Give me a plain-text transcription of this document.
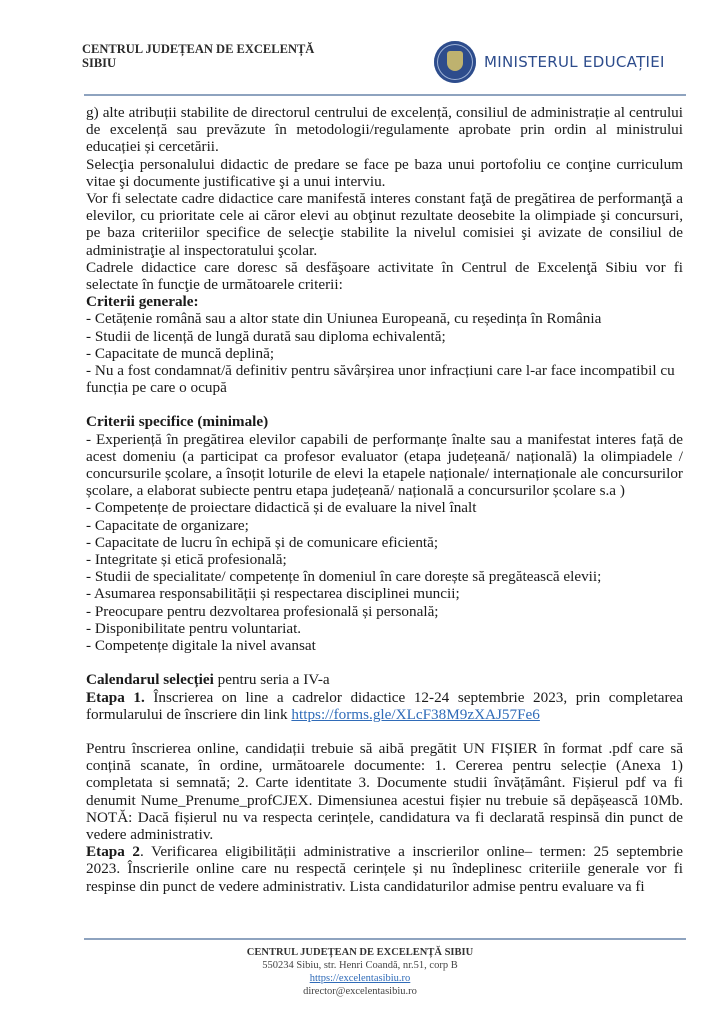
CENTRUL JUDEȚEAN DE EXCELENȚĂ
SIBIU	MINISTERUL EDUCAȚIEI

g) alte atribuții stabilite de directorul centrului de excelență, consiliul de administrație al centrului de excelență sau prevăzute în metodologii/regulamente aprobate prin ordin al ministrului educației și cercetării.

Selecţia personalului didactic de predare se face pe baza unui portofoliu ce conţine curriculum vitae şi documente justificative şi a unui interviu.

Vor fi selectate cadre didactice care manifestă interes constant faţă de pregătirea de performanţă a elevilor, cu prioritate cele ai căror elevi au obţinut rezultate deosebite la olimpiade şi concursuri, pe baza criteriilor specifice de selecţie stabilite la nivelul comisiei şi avizate de consiliul de administraţie al inspectoratului şcolar.

Cadrele didactice care doresc să desfăşoare activitate în Centrul de Excelenţă Sibiu vor fi selectate în funcţie de următoarele criterii:

Criterii generale:

- Cetățenie română sau a altor state din Uniunea Europeană, cu reședința în România

- Studii de licență de lungă durată sau diploma echivalentă;

- Capacitate de muncă deplină;

- Nu a fost condamnat/ă definitiv pentru săvârșirea unor infracțiuni care l-ar face incompatibil cu funcția pe care o ocupă

Criterii specifice (minimale)

- Experiență în pregătirea elevilor capabili de performanțe înalte sau a manifestat interes față de acest domeniu (a participat ca profesor evaluator (etapa județeană/ națională) la olimpiadele / concursurile școlare, a însoțit loturile de elevi la etapele naționale/ internaționale ale concursurilor școlare, a elaborat subiecte pentru etapa județeană/ națională a concursurilor școlare s.a )

- Competențe de proiectare didactică și de evaluare la nivel înalt

- Capacitate de organizare;

- Capacitate de lucru în echipă și de comunicare eficientă;

- Integritate și etică profesională;

- Studii de specialitate/ competențe în domeniul în care dorește să pregătească elevii;

- Asumarea responsabilității și respectarea disciplinei muncii;

- Preocupare pentru dezvoltarea profesională și personală;

- Disponibilitate pentru voluntariat.

- Competențe digitale la nivel avansat

Calendarul selecției pentru seria a IV-a

Etapa 1. Înscrierea on line a cadrelor didactice 12-24 septembrie 2023, prin completarea formularului de înscriere din link https://forms.gle/XLcF38M9zXAJ57Fe6

Pentru înscrierea online, candidații trebuie să aibă pregătit UN FIȘIER în format .pdf care să conțină scanate, în ordine, următoarele documente: 1. Cererea pentru selecție (Anexa 1) completata si semnată; 2. Carte identitate 3. Documente studii învățământ. Fișierul pdf va fi denumit Nume_Prenume_profCJEX. Dimensiunea acestui fișier nu trebuie să depășească 10Mb. NOTĂ: Dacă fișierul nu va respecta cerințele, candidatura va fi declarată respinsă din punct de vedere administrativ.

Etapa 2. Verificarea eligibilității administrative a inscrierilor online– termen: 25 septembrie 2023. Înscrierile online care nu respectă cerințele și nu îndeplinesc criteriile generale vor fi respinse din punct de vedere administrativ. Lista candidaturilor admise pentru evaluare va fi

CENTRUL JUDEȚEAN DE EXCELENȚĂ SIBIU
550234 Sibiu, str. Henri Coandă, nr.51, corp B
https://excelentasibiu.ro
director@excelentasibiu.ro
